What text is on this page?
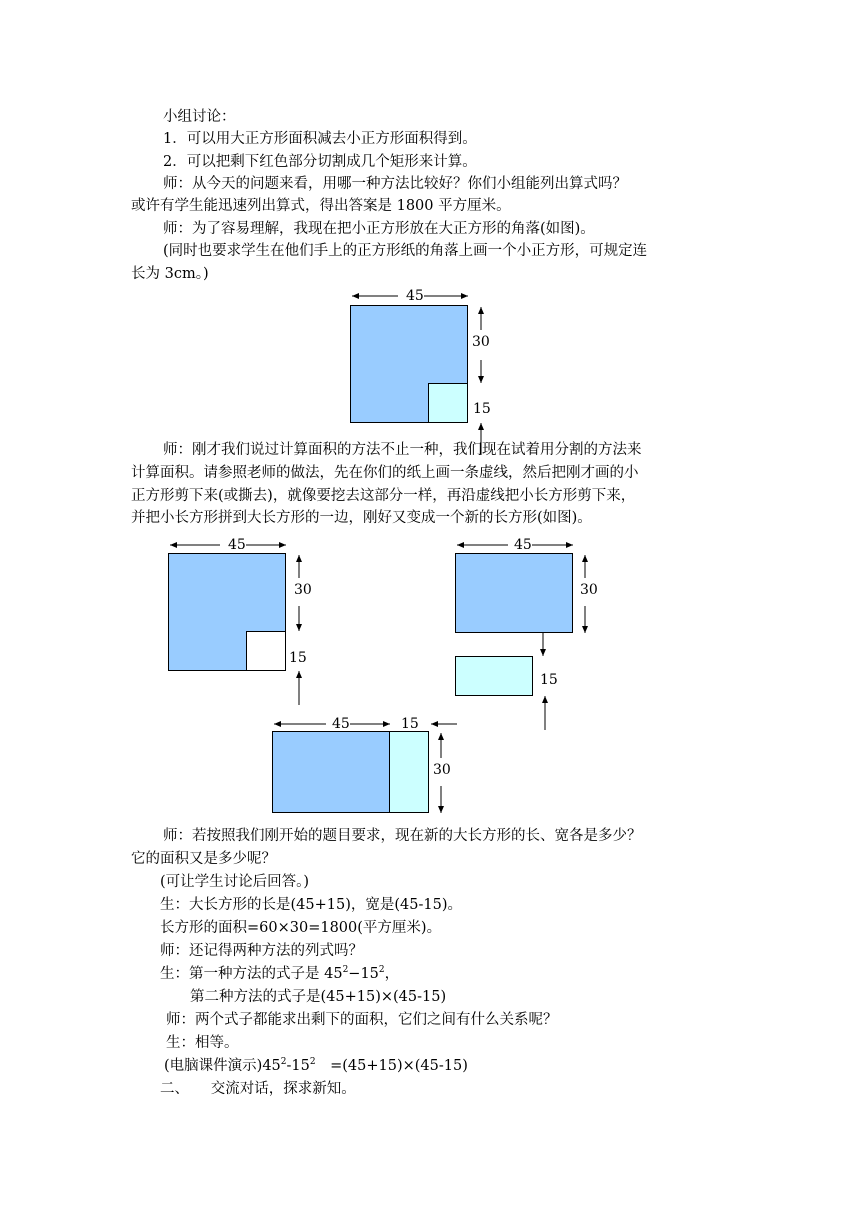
小组讨论：
1．可以用大正方形面积减去小正方形面积得到。
2．可以把剩下红色部分切割成几个矩形来计算。
师：从今天的问题来看，用哪一种方法比较好？你们小组能列出算式吗？
或许有学生能迅速列出算式，得出答案是 1800 平方厘米。
师：为了容易理解，我现在把小正方形放在大正方形的角落(如图)。
(同时也要求学生在他们手上的正方形纸的角落上画一个小正方形，可规定连
长为 3cm。)
师：刚才我们说过计算面积的方法不止一种，我们现在试着用分割的方法来
计算面积。请参照老师的做法，先在你们的纸上画一条虚线，然后把刚才画的小
正方形剪下来(或撕去)，就像要挖去这部分一样，再沿虚线把小长方形剪下来，
并把小长方形拼到大长方形的一边，刚好又变成一个新的长方形(如图)。
师：若按照我们刚开始的题目要求，现在新的大长方形的长、宽各是多少？
它的面积又是多少呢？
(可让学生讨论后回答。)
生：大长方形的长是(45+15)，宽是(45-15)。
长方形的面积=60×30=1800(平方厘米)。
师：还记得两种方法的列式吗？
生：第一种方法的式子是 $45^2-15^2$，
第二种方法的式子是(45+15)×(45-15)
师：两个式子都能求出剩下的面积，它们之间有什么关系呢？
生：相等。
(电脑课件演示)$45^2-15^2$　=(45+15)×(45-15)
二、　　交流对话，探求新知。
45
30
15
45
30
15
45
30
15
45	15
30
